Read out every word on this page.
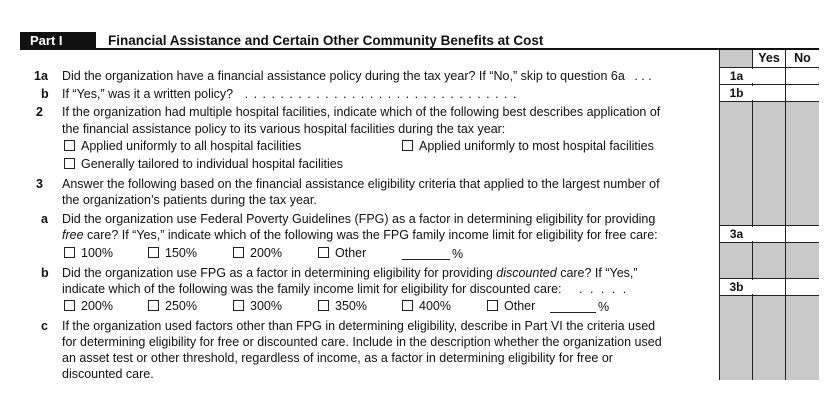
Part I	Financial Assistance and Certain Other Community Benefits at Cost
Yes	No
1a
1b
3a
3b
1a Did the organization have a financial assistance policy during the tax year? If “No,” skip to question 6a . . .
b If “Yes,” was it a written policy? . . . . . . . . . . . . . . . . . . . . . . . . . . . . . . .
2 If the organization had multiple hospital facilities, indicate which of the following best describes application of
the financial assistance policy to its various hospital facilities during the tax year:
Applied uniformly to all hospital facilities	Applied uniformly to most hospital facilities
Generally tailored to individual hospital facilities
3 Answer the following based on the financial assistance eligibility criteria that applied to the largest number of
the organization’s patients during the tax year.
a Did the organization use Federal Poverty Guidelines (FPG) as a factor in determining eligibility for providing
free care? If “Yes,” indicate which of the following was the FPG family income limit for eligibility for free care:
100%	150%	200%	Other	%
b Did the organization use FPG as a factor in determining eligibility for providing discounted care? If “Yes,”
indicate which of the following was the family income limit for eligibility for discounted care: . . . . .
200%	250%	300%	350%	400%	Other	%
c If the organization used factors other than FPG in determining eligibility, describe in Part VI the criteria used
for determining eligibility for free or discounted care. Include in the description whether the organization used
an asset test or other threshold, regardless of income, as a factor in determining eligibility for free or
discounted care.
